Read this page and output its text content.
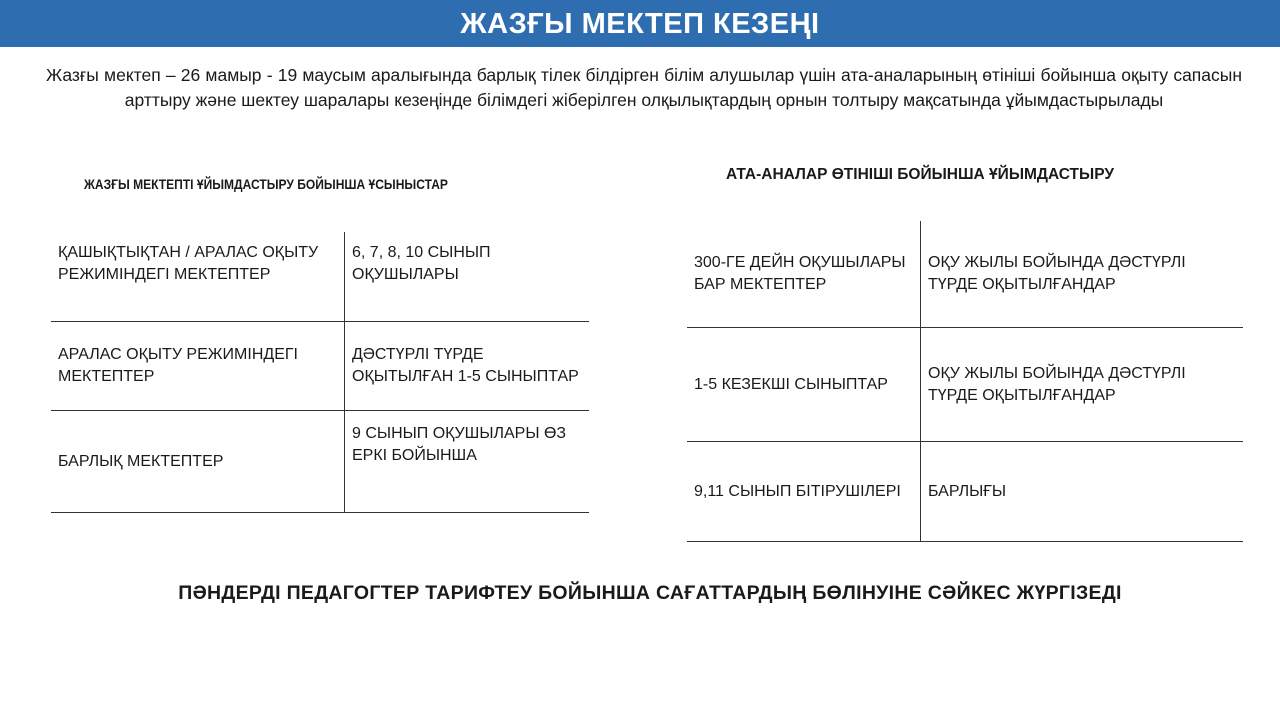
ЖАЗҒЫ МЕКТЕП КЕЗЕҢІ
Жазғы мектеп – 26 мамыр - 19 маусым аралығында барлық тілек білдірген білім алушылар үшін ата-аналарының өтініші бойынша оқыту сапасын арттыру және шектеу шаралары кезеңінде білімдегі жіберілген олқылықтардың орнын толтыру мақсатында ұйымдастырылады
ЖАЗҒЫ МЕКТЕПТІ ҰЙЫМДАСТЫРУ БОЙЫНША ҰСЫНЫСТАР
ҚАШЫҚТЫҚТАН / АРАЛАС ОҚЫТУ РЕЖИМІНДЕГІ МЕКТЕПТЕР	6, 7, 8, 10 СЫНЫП ОҚУШЫЛАРЫ

АРАЛАС ОҚЫТУ РЕЖИМІНДЕГІ МЕКТЕПТЕР	ДӘСТҮРЛІ ТҮРДЕ ОҚЫТЫЛҒАН 1-5 СЫНЫПТАР
БАРЛЫҚ МЕКТЕПТЕР	9 СЫНЫП ОҚУШЫЛАРЫ ӨЗ ЕРКІ БОЙЫНША
АТА-АНАЛАР ӨТІНІШІ БОЙЫНША ҰЙЫМДАСТЫРУ
300-ГЕ ДЕЙН ОҚУШЫЛАРЫ БАР МЕКТЕПТЕР	ОҚУ ЖЫЛЫ БОЙЫНДА ДӘСТҮРЛІ ТҮРДЕ ОҚЫТЫЛҒАНДАР
1-5 КЕЗЕКШІ СЫНЫПТАР	ОҚУ ЖЫЛЫ БОЙЫНДА ДӘСТҮРЛІ ТҮРДЕ ОҚЫТЫЛҒАНДАР
9,11 СЫНЫП БІТІРУШІЛЕРІ	БАРЛЫҒЫ
ПӘНДЕРДІ ПЕДАГОГТЕР ТАРИФТЕУ БОЙЫНША САҒАТТАРДЫҢ БӨЛІНУІНЕ СӘЙКЕС ЖҮРГІЗЕДІ
